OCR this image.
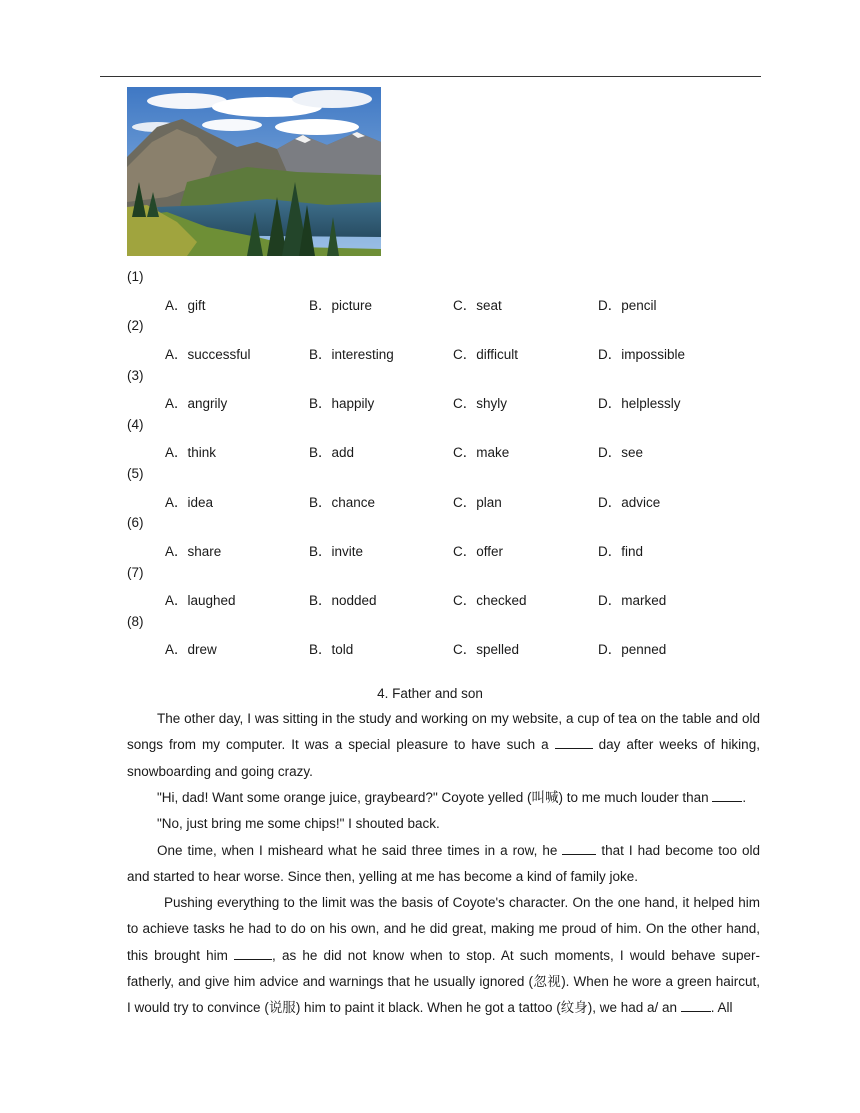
(1)
A．gift	B．picture	C．seat	D．pencil
(2)
A．successful	B．interesting	C．difficult	D．impossible
(3)
A．angrily	B．happily	C．shyly	D．helplessly
(4)
A．think	B．add	C．make	D．see
(5)
A．idea	B．chance	C．plan	D．advice
(6)
A．share	B．invite	C．offer	D．find
(7)
A．laughed	B．nodded	C．checked	D．marked
(8)
A．drew	B．told	C．spelled	D．penned
4. Father and son

The other day, I was sitting in the study and working on my website, a cup of tea on the table and old songs from my computer. It was a special pleasure to have such a	day after weeks of hiking, snowboarding and going crazy.

"Hi, dad! Want some orange juice, graybeard?" Coyote yelled (叫喊) to me much louder than	.

"No, just bring me some chips!" I shouted back.

One time, when I misheard what he said three times in a row, he	that I had become too old and started to hear worse. Since then, yelling at me has become a kind of family joke.

Pushing everything to the limit was the basis of Coyote's character. On the one hand, it helped him to achieve tasks he had to do on his own, and he did great, making me proud of him. On the other hand, this brought him	, as he did not know when to stop. At such moments, I would behave super-fatherly, and give him advice and warnings that he usually ignored (忽视). When he wore a green haircut, I would try to convince (说服) him to paint it black. When he got a tattoo (纹身), we had a/ an	. All
